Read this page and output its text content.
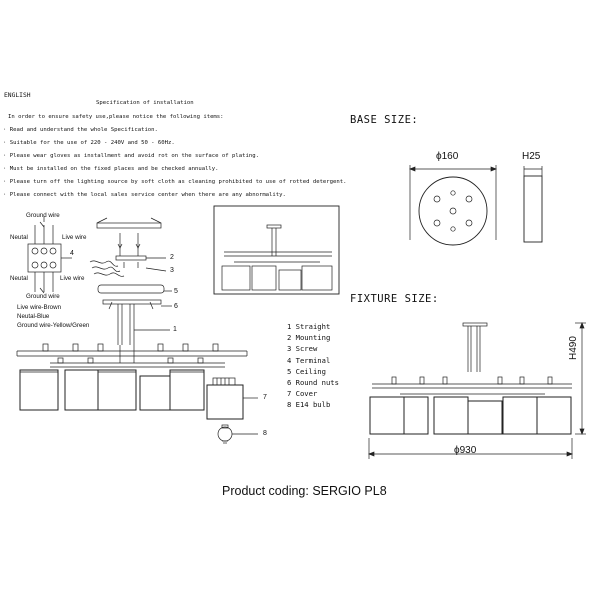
ENGLISH
Specification of installation
In order to ensure safety use,please notice the following items:
· Read and understand the whole Specification.
· Suitable for the use of 220 - 240V and 50 - 60Hz.
· Please wear gloves as installment and avoid rot on the surface of plating.
· Must be installed on the fixed places and be checked annually.
· Please turn off the lighting source by soft cloth as cleaning prohibited to use of rotted detergent.
· Please connect with the local sales service center when there are any abnormality.
Ground wire
Neutal	Live wire
Neutal	Live wire
Ground wire
Live wire-Brown
Neutal-Blue
Ground wire-Yellow/Green
4
2
3
5
6
1
7
8
1 Straight
2 Mounting
3 Screw
4 Terminal
5 Ceiling
6 Round nuts
7 Cover
8 E14 bulb
BASE SIZE:
ϕ160	H25
FIXTURE SIZE:
H490
ϕ930
Product coding: SERGIO PL8
